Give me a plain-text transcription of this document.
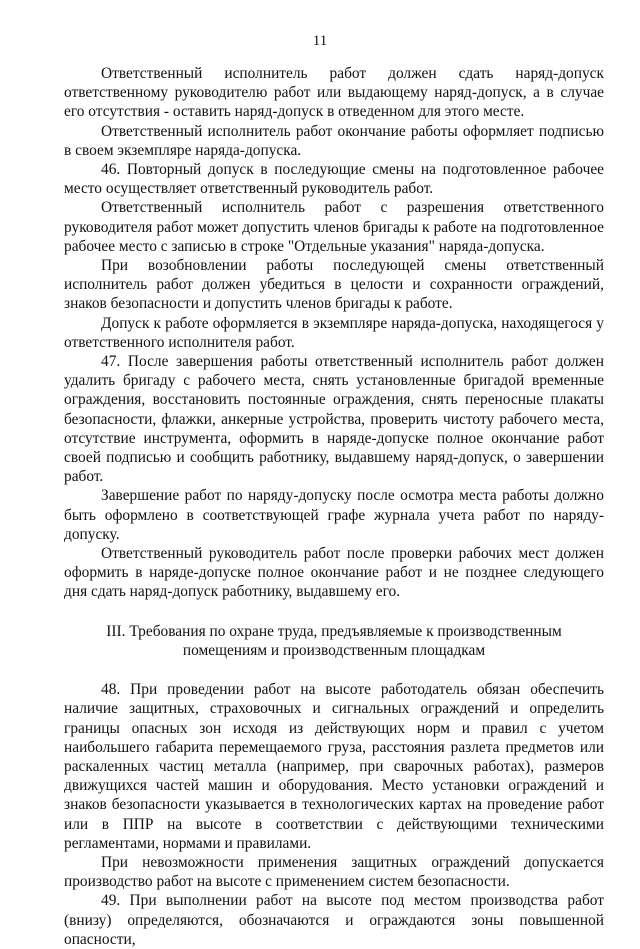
11

Ответственный исполнитель работ должен сдать наряд-допуск ответственному руководителю работ или выдающему наряд-допуск, а в случае его отсутствия - оставить наряд-допуск в отведенном для этого месте.

Ответственный исполнитель работ окончание работы оформляет подписью в своем экземпляре наряда-допуска.

46. Повторный допуск в последующие смены на подготовленное рабочее место осуществляет ответственный руководитель работ.

Ответственный исполнитель работ с разрешения ответственного руководителя работ может допустить членов бригады к работе на подготовленное рабочее место с записью в строке "Отдельные указания" наряда-допуска.

При возобновлении работы последующей смены ответственный исполнитель работ должен убедиться в целости и сохранности ограждений, знаков безопасности и допустить членов бригады к работе.

Допуск к работе оформляется в экземпляре наряда-допуска, находящегося у ответственного исполнителя работ.

47. После завершения работы ответственный исполнитель работ должен удалить бригаду с рабочего места, снять установленные бригадой временные ограждения, восстановить постоянные ограждения, снять переносные плакаты безопасности, флажки, анкерные устройства, проверить чистоту рабочего места, отсутствие инструмента, оформить в наряде-допуске полное окончание работ своей подписью и сообщить работнику, выдавшему наряд-допуск, о завершении работ.

Завершение работ по наряду-допуску после осмотра места работы должно быть оформлено в соответствующей графе журнала учета работ по наряду-допуску.

Ответственный руководитель работ после проверки рабочих мест должен оформить в наряде-допуске полное окончание работ и не позднее следующего дня сдать наряд-допуск работнику, выдавшему его.

III. Требования по охране труда, предъявляемые к производственным
помещениям и производственным площадкам

48. При проведении работ на высоте работодатель обязан обеспечить наличие защитных, страховочных и сигнальных ограждений и определить границы опасных зон исходя из действующих норм и правил с учетом наибольшего габарита перемещаемого груза, расстояния разлета предметов или раскаленных частиц металла (например, при сварочных работах), размеров движущихся частей машин и оборудования. Место установки ограждений и знаков безопасности указывается в технологических картах на проведение работ или в ППР на высоте в соответствии с действующими техническими регламентами, нормами и правилами.

При невозможности применения защитных ограждений допускается производство работ на высоте с применением систем безопасности.

49. При выполнении работ на высоте под местом производства работ (внизу) определяются, обозначаются и ограждаются зоны повышенной опасности,
